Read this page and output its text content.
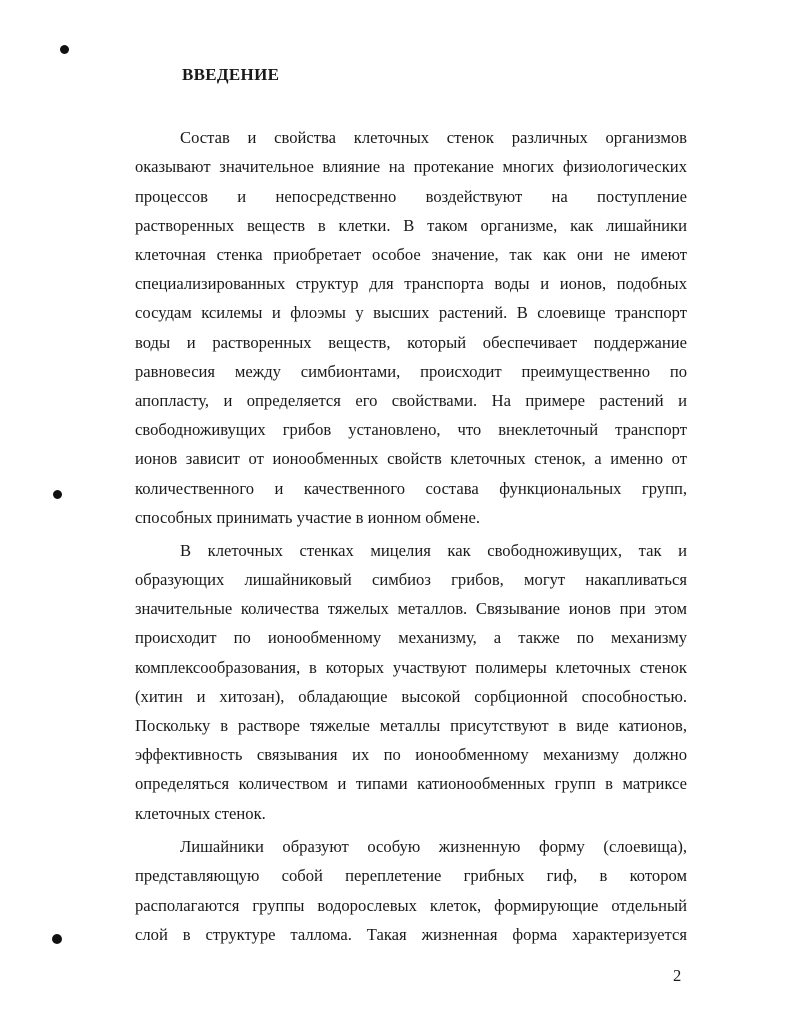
ВВЕДЕНИЕ
Состав и свойства клеточных стенок различных организмов
оказывают значительное влияние на протекание многих физиологических
процессов и непосредственно воздействуют на поступление
растворенных веществ в клетки. В таком организме, как лишайники
клеточная стенка приобретает особое значение, так как они не имеют
специализированных структур для транспорта воды и ионов, подобных
сосудам ксилемы и флоэмы у высших растений. В слоевище транспорт
воды и растворенных веществ, который обеспечивает поддержание
равновесия между симбионтами, происходит преимущественно по
апопласту, и определяется его свойствами. На примере растений и
свободноживущих грибов установлено, что внеклеточный транспорт
ионов зависит от ионообменных свойств клеточных стенок, а именно от
количественного и качественного состава функциональных групп,
способных принимать участие в ионном обмене.
В клеточных стенках мицелия как свободноживущих, так и
образующих лишайниковый симбиоз грибов, могут накапливаться
значительные количества тяжелых металлов. Связывание ионов при этом
происходит по ионообменному механизму, а также по механизму
комплексообразования, в которых участвуют полимеры клеточных стенок
(хитин и хитозан), обладающие высокой сорбционной способностью.
Поскольку в растворе тяжелые металлы присутствуют в виде катионов,
эффективность связывания их по ионообменному механизму должно
определяться количеством и типами катионообменных групп в матриксе
клеточных стенок.
Лишайники образуют особую жизненную форму (слоевища),
представляющую собой переплетение грибных гиф, в котором
располагаются группы водорослевых клеток, формирующие отдельный
слой в структуре таллома. Такая жизненная форма характеризуется
2
